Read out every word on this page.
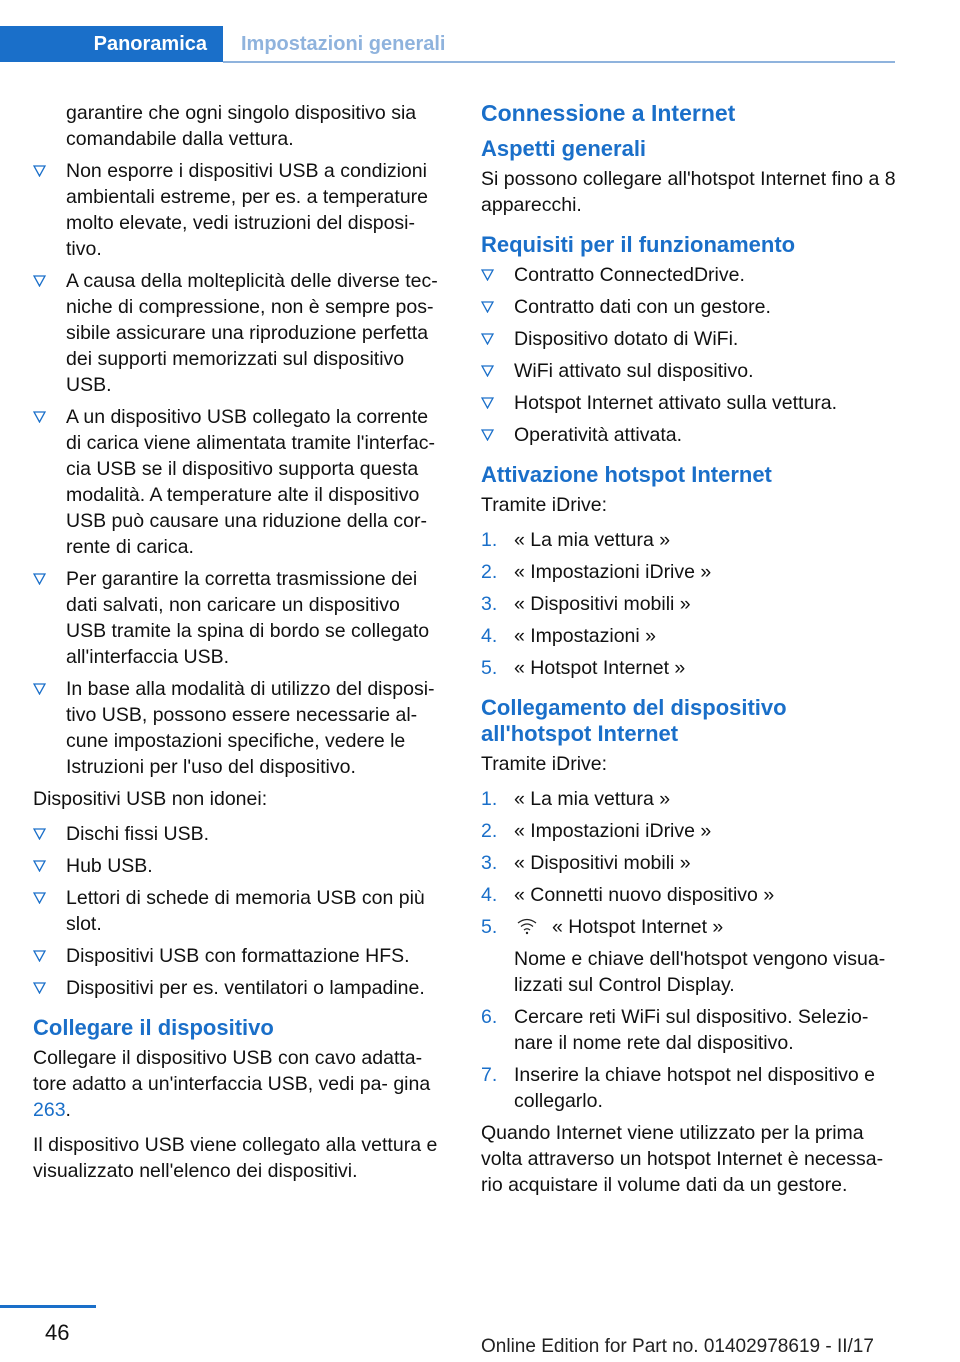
Panoramica Impostazioni generali
garantire che ogni singolo dispositivo sia comandabile dalla vettura.
Non esporre i dispositivi USB a condizioni ambientali estreme, per es. a temperature molto elevate, vedi istruzioni del disposi‐ tivo.
A causa della molteplicità delle diverse tec‐ niche di compressione, non è sempre pos‐ sibile assicurare una riproduzione perfetta dei supporti memorizzati sul dispositivo USB.
A un dispositivo USB collegato la corrente di carica viene alimentata tramite l'interfac‐ cia USB se il dispositivo supporta questa modalità. A temperature alte il dispositivo USB può causare una riduzione della cor‐ rente di carica.
Per garantire la corretta trasmissione dei dati salvati, non caricare un dispositivo USB tramite la spina di bordo se collegato all'interfaccia USB.
In base alla modalità di utilizzo del disposi‐ tivo USB, possono essere necessarie al‐ cune impostazioni specifiche, vedere le Istruzioni per l'uso del dispositivo.
Dispositivi USB non idonei:
Dischi fissi USB.
Hub USB.
Lettori di schede di memoria USB con più slot.
Dispositivi USB con formattazione HFS.
Dispositivi per es. ventilatori o lampadine.
Collegare il dispositivo
Collegare il dispositivo USB con cavo adatta‐ tore adatto a un'interfaccia USB, vedi pa‐ gina 263.
Il dispositivo USB viene collegato alla vettura e visualizzato nell'elenco dei dispositivi.
Connessione a Internet
Aspetti generali
Si possono collegare all'hotspot Internet fino a 8 apparecchi.
Requisiti per il funzionamento
Contratto ConnectedDrive.
Contratto dati con un gestore.
Dispositivo dotato di WiFi.
WiFi attivato sul dispositivo.
Hotspot Internet attivato sulla vettura.
Operatività attivata.
Attivazione hotspot Internet
Tramite iDrive:
1. « La mia vettura »
2. « Impostazioni iDrive »
3. « Dispositivi mobili »
4. « Impostazioni »
5. « Hotspot Internet »
Collegamento del dispositivo all'hotspot Internet
Tramite iDrive:
1. « La mia vettura »
2. « Impostazioni iDrive »
3. « Dispositivi mobili »
4. « Connetti nuovo dispositivo »
5.	« Hotspot Internet »
Nome e chiave dell'hotspot vengono visua‐ lizzati sul Control Display.
6. Cercare reti WiFi sul dispositivo. Selezio‐ nare il nome rete dal dispositivo.
7. Inserire la chiave hotspot nel dispositivo e collegarlo.
Quando Internet viene utilizzato per la prima volta attraverso un hotspot Internet è necessa‐ rio acquistare il volume dati da un gestore.
46
Online Edition for Part no. 01402978619 - II/17
